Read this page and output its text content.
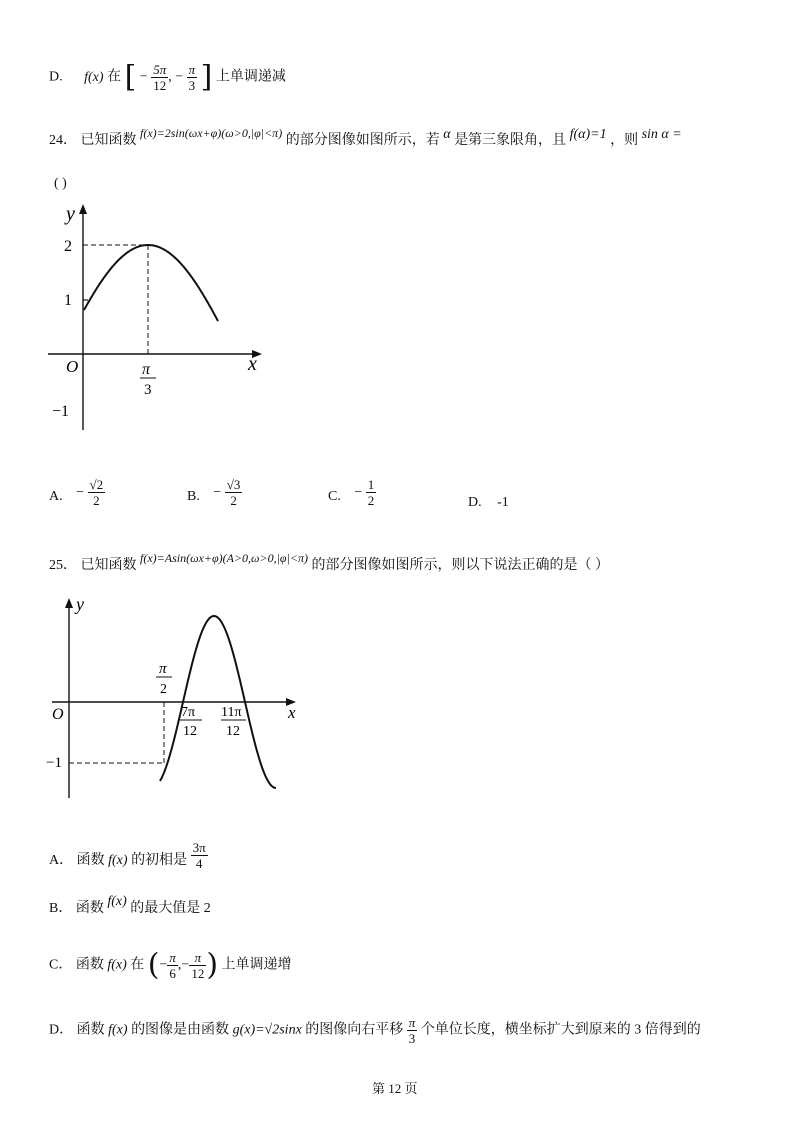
D. f(x) 在 [ − $\frac{5\pi}{12}$ , − $\frac{\pi}{3}$ ] 上单调递减
24． 已知函数 f(x)=2sin(ωx+φ)(ω>0,|φ|<π) 的部分图像如图所示，若 α 是第三象限角，且 f(α)=1 ，则 sin α =
( )
y
x
O
2
1
−1
π
3
A. − $\frac{√2}{2}$	B. − $\frac{√3}{2}$	C. − $\frac{1}{2}$	D. -1
25． 已知函数 f(x)=Asin(ωx+φ)(A>0,ω>0,|φ|<π) 的部分图像如图所示，则以下说法正确的是（ ）
y
x
O
−1
π
2
7π
12
11π
12
A． 函数 f(x) 的初相是 $\frac{3\pi}{4}$
B． 函数 f(x) 的最大值是 2
C． 函数 f(x) 在 (− $\frac{\pi}{6}$ ,− $\frac{\pi}{12}$ ) 上单调递增
D． 函数 f(x) 的图像是由函数 g(x)=√2sinx 的图像向右平移 $\frac{\pi}{3}$ 个单位长度，横坐标扩大到原来的 3 倍得到的
第 12 页
